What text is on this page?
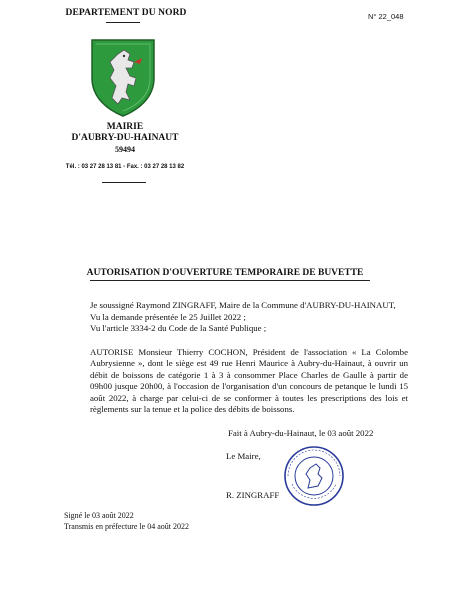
DEPARTEMENT DU NORD	N° 22_048
MAIRIE
D'AUBRY-DU-HAINAUT
59494
Tél. : 03 27 28 13 81 - Fax. : 03 27 28 13 82
AUTORISATION D'OUVERTURE TEMPORAIRE DE BUVETTE

Je soussigné Raymond ZINGRAFF, Maire de la Commune d'AUBRY-DU-HAINAUT,

Vu la demande présentée le 25 Juillet 2022 ;

Vu l'article 3334-2 du Code de la Santé Publique ;

AUTORISE Monsieur Thierry COCHON, Président de l'association « La Colombe Aubrysienne », dont le siège est 49 rue Henri Maurice à Aubry-du-Hainaut, à ouvrir un débit de boissons de catégorie 1 à 3 à consommer Place Charles de Gaulle à partir de 09h00 jusque 20h00, à l'occasion de l'organisation d'un concours de petanque le lundi 15 août 2022, à charge par celui-ci de se conformer à toutes les prescriptions des lois et règlements sur la tenue et la police des débits de boissons.

Fait à Aubry-du-Hainaut, le 03 août 2022
Le Maire,
R. ZINGRAFF
Signé le 03 août 2022
Transmis en préfecture le 04 août 2022
